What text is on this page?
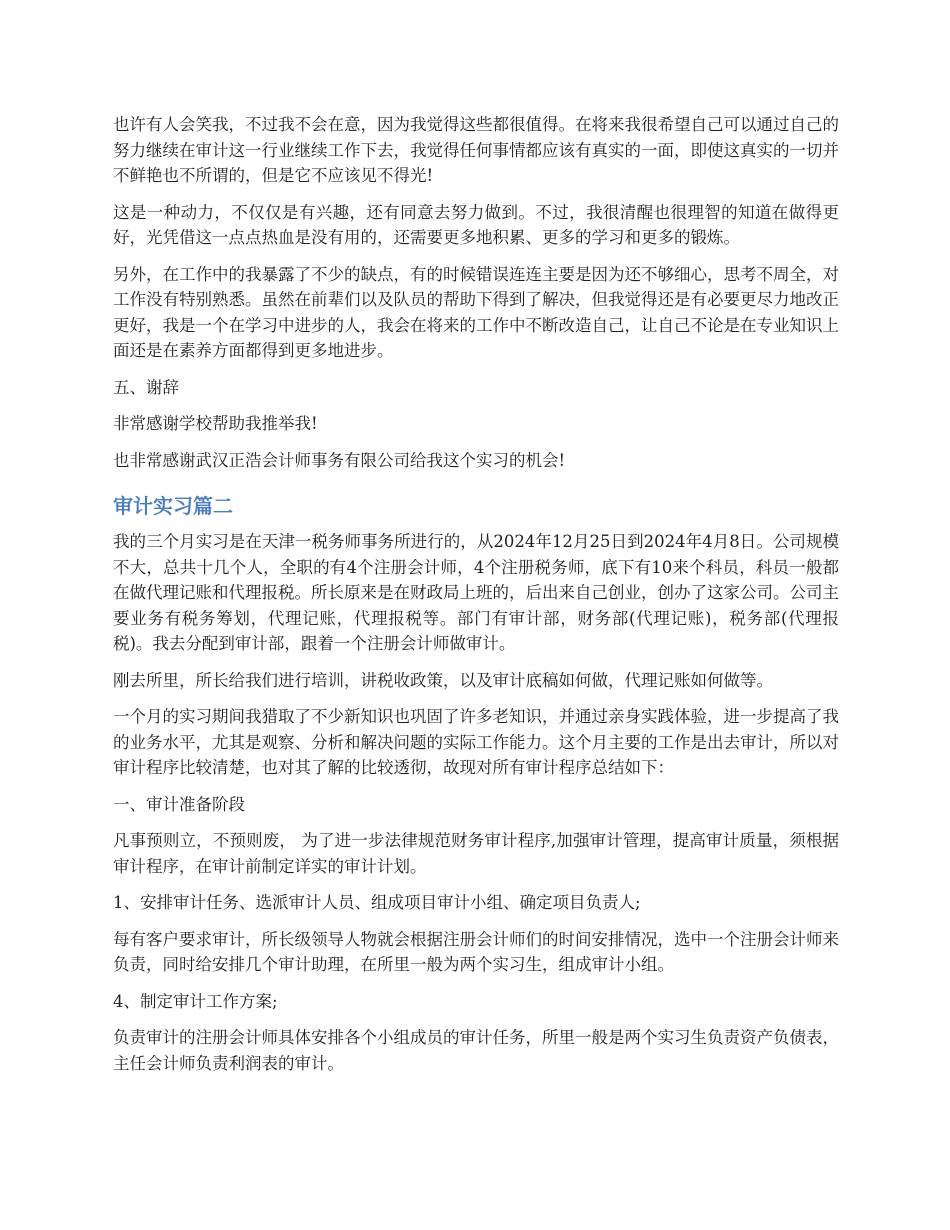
也许有人会笑我，不过我不会在意，因为我觉得这些都很值得。在将来我很希望自己可以通过自己的努力继续在审计这一行业继续工作下去，我觉得任何事情都应该有真实的一面，即使这真实的一切并不鲜艳也不所谓的，但是它不应该见不得光!

这是一种动力，不仅仅是有兴趣，还有同意去努力做到。不过，我很清醒也很理智的知道在做得更好，光凭借这一点点热血是没有用的，还需要更多地积累、更多的学习和更多的锻炼。

另外，在工作中的我暴露了不少的缺点，有的时候错误连连主要是因为还不够细心，思考不周全，对工作没有特别熟悉。虽然在前辈们以及队员的帮助下得到了解决，但我觉得还是有必要更尽力地改正更好，我是一个在学习中进步的人，我会在将来的工作中不断改造自己，让自己不论是在专业知识上面还是在素养方面都得到更多地进步。

五、谢辞

非常感谢学校帮助我推举我!

也非常感谢武汉正浩会计师事务有限公司给我这个实习的机会!

审计实习篇二

我的三个月实习是在天津一税务师事务所进行的，从2024年12月25日到2024年4月8日。公司规模不大，总共十几个人，全职的有4个注册会计师，4个注册税务师，底下有10来个科员，科员一般都在做代理记账和代理报税。所长原来是在财政局上班的，后出来自己创业，创办了这家公司。公司主要业务有税务筹划，代理记账，代理报税等。部门有审计部，财务部(代理记账)，税务部(代理报税)。我去分配到审计部，跟着一个注册会计师做审计。

刚去所里，所长给我们进行培训，讲税收政策，以及审计底稿如何做，代理记账如何做等。

一个月的实习期间我猎取了不少新知识也巩固了许多老知识，并通过亲身实践体验，进一步提高了我的业务水平，尤其是观察、分析和解决问题的实际工作能力。这个月主要的工作是出去审计，所以对审计程序比较清楚，也对其了解的比较透彻，故现对所有审计程序总结如下：

一、审计准备阶段

凡事预则立，不预则废， 为了进一步法律规范财务审计程序,加强审计管理，提高审计质量，须根据审计程序，在审计前制定详实的审计计划。

1、安排审计任务、选派审计人员、组成项目审计小组、确定项目负责人;

每有客户要求审计，所长级领导人物就会根据注册会计师们的时间安排情况，选中一个注册会计师来负责，同时给安排几个审计助理，在所里一般为两个实习生，组成审计小组。

4、制定审计工作方案;

负责审计的注册会计师具体安排各个小组成员的审计任务，所里一般是两个实习生负责资产负债表，主任会计师负责利润表的审计。
